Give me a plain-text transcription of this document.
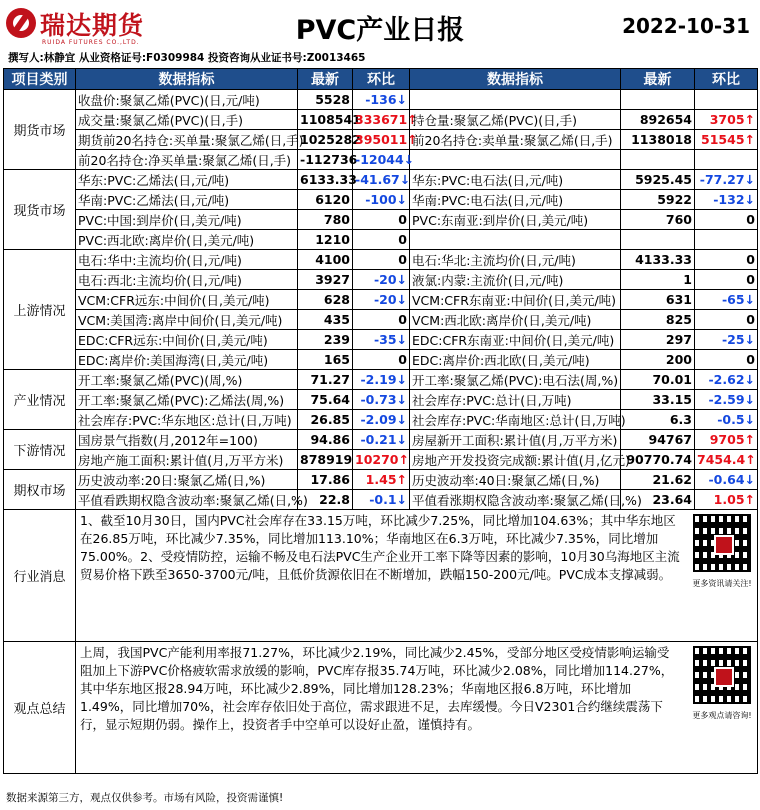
瑞达期货
RUIDA FUTURES CO.,LTD.	PVC产业日报	2022-10-31
撰写人:林静宜 从业资格证号:F0309984 投资咨询从业证书号:Z0013465
项目类别	数据指标	最新	环比	数据指标	最新	环比
期货市场	收盘价:聚氯乙烯(PVC)(日,元/吨)	5528	-136↓			
	成交量:聚氯乙烯(PVC)(日,手)	1108541	333671↑	持仓量:聚氯乙烯(PVC)(日,手)	892654	3705↑
	期货前20名持仓:买单量:聚氯乙烯(日,手)	1025282	395011↑	前20名持仓:卖单量:聚氯乙烯(日,手)	1138018	51545↑
	前20名持仓:净买单量:聚氯乙烯(日,手)	-112736	-12044↓			
现货市场	华东:PVC:乙烯法(日,元/吨)	6133.33	-41.67↓	华东:PVC:电石法(日,元/吨)	5925.45	-77.27↓
	华南:PVC:乙烯法(日,元/吨)	6120	-100↓	华南:PVC:电石法(日,元/吨)	5922	-132↓
	PVC:中国:到岸价(日,美元/吨)	780	0	PVC:东南亚:到岸价(日,美元/吨)	760	0
	PVC:西北欧:离岸价(日,美元/吨)	1210	0			
上游情况	电石:华中:主流均价(日,元/吨)	4100	0	电石:华北:主流均价(日,元/吨)	4133.33	0
	电石:西北:主流均价(日,元/吨)	3927	-20↓	液氯:内蒙:主流价(日,元/吨)	1	0
	VCM:CFR远东:中间价(日,美元/吨)	628	-20↓	VCM:CFR东南亚:中间价(日,美元/吨)	631	-65↓
	VCM:美国湾:离岸中间价(日,美元/吨)	435	0	VCM:西北欧:离岸价(日,美元/吨)	825	0
	EDC:CFR远东:中间价(日,美元/吨)	239	-35↓	EDC:CFR东南亚:中间价(日,美元/吨)	297	-25↓
	EDC:离岸价:美国海湾(日,美元/吨)	165	0	EDC:离岸价:西北欧(日,美元/吨)	200	0
产业情况	开工率:聚氯乙烯(PVC)(周,%)	71.27	-2.19↓	开工率:聚氯乙烯(PVC):电石法(周,%)	70.01	-2.62↓
	开工率:聚氯乙烯(PVC):乙烯法(周,%)	75.64	-0.73↓	社会库存:PVC:总计(日,万吨)	33.15	-2.59↓
	社会库存:PVC:华东地区:总计(日,万吨)	26.85	-2.09↓	社会库存:PVC:华南地区:总计(日,万吨)	6.3	-0.5↓
下游情况	国房景气指数(月,2012年=100)	94.86	-0.21↓	房屋新开工面积:累计值(月,万平方米)	94767	9705↑
	房地产施工面积:累计值(月,万平方米)	878919	10270↑	房地产开发投资完成额:累计值(月,亿元)	90770.74	7454.4↑
期权市场	历史波动率:20日:聚氯乙烯(日,%)	17.86	1.45↑	历史波动率:40日:聚氯乙烯(日,%)	21.62	-0.64↓
	平值看跌期权隐含波动率:聚氯乙烯(日,%)	22.8	-0.1↓	平值看涨期权隐含波动率:聚氯乙烯(日,%)	23.64	1.05↑
行业消息	1、截至10月30日，国内PVC社会库存在33.15万吨，环比减少7.25%，同比增加104.63%；其中华东地区在26.85万吨，环比减少7.35%，同比增加113.10%；华南地区在6.3万吨，环比减少7.35%，同比增加75.00%。2、受疫情防控，运输不畅及电石法PVC生产企业开工率下降等因素的影响，10月30乌海地区主流贸易价格下跌至3650-3700元/吨，且低价货源依旧在不断增加，跌幅150-200元/吨。PVC成本支撑减弱。
更多资讯请关注!					

观点总结	上周，我国PVC产能利用率报71.27%，环比减少2.19%，同比减少2.45%，受部分地区受疫情影响运输受阻加上下游PVC价格疲软需求放缓的影响，PVC库存报35.74万吨，环比减少2.08%，同比增加114.27%，其中华东地区报28.94万吨，环比减少2.89%，同比增加128.23%；华南地区报6.8万吨，环比增加1.49%，同比增加70%，社会库存依旧处于高位，需求跟进不足，去库缓慢。今日V2301合约继续震荡下行，显示短期仍弱。操作上，投资者手中空单可以设好止盈，谨慎持有。
更多观点请咨询!					
数据来源第三方，观点仅供参考。市场有风险，投资需谨慎!
